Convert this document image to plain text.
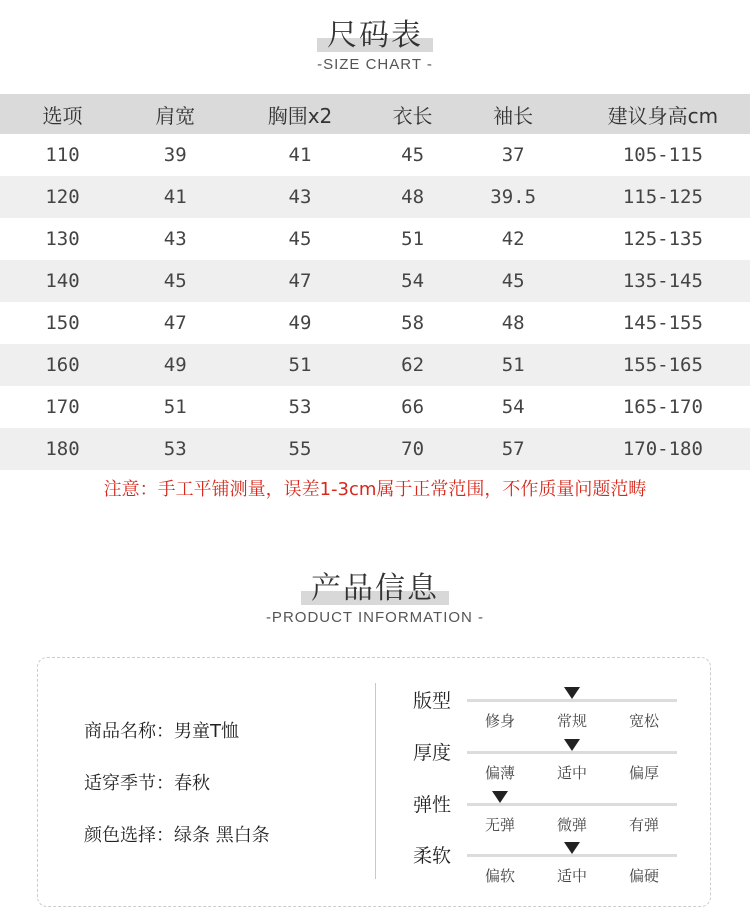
尺码表
-SIZE CHART -
选项	肩宽	胸围x2	衣长	袖长	建议身高cm
110	39	41	45	37	105-115
120	41	43	48	39.5	115-125
130	43	45	51	42	125-135
140	45	47	54	45	135-145
150	47	49	58	48	145-155
160	49	51	62	51	155-165
170	51	53	66	54	165-170
180	53	55	70	57	170-180
注意：手工平铺测量，误差1-3cm属于正常范围，不作质量问题范畴
产品信息
-PRODUCT INFORMATION -
商品名称：男童T恤
适穿季节：春秋
颜色选择：绿条 黑白条
版型
修身	常规	宽松
厚度
偏薄	适中	偏厚
弹性
无弹	微弹	有弹
柔软
偏软	适中	偏硬
